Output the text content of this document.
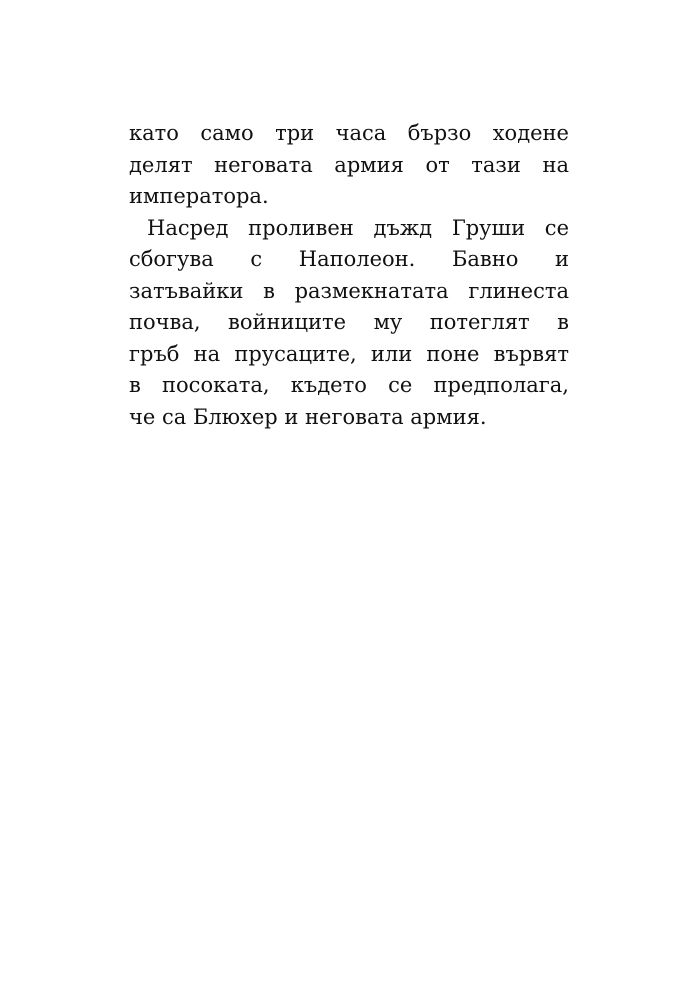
като само три часа бързо ходене
делят неговата армия от тази на
императора.
Насред проливен дъжд Груши се
сбогува с Наполеон. Бавно и
затъвайки в размекнатата глинеста
почва, войниците му потеглят в
гръб на прусаците, или поне вървят
в посоката, където се предполага,
че са Блюхер и неговата армия.
